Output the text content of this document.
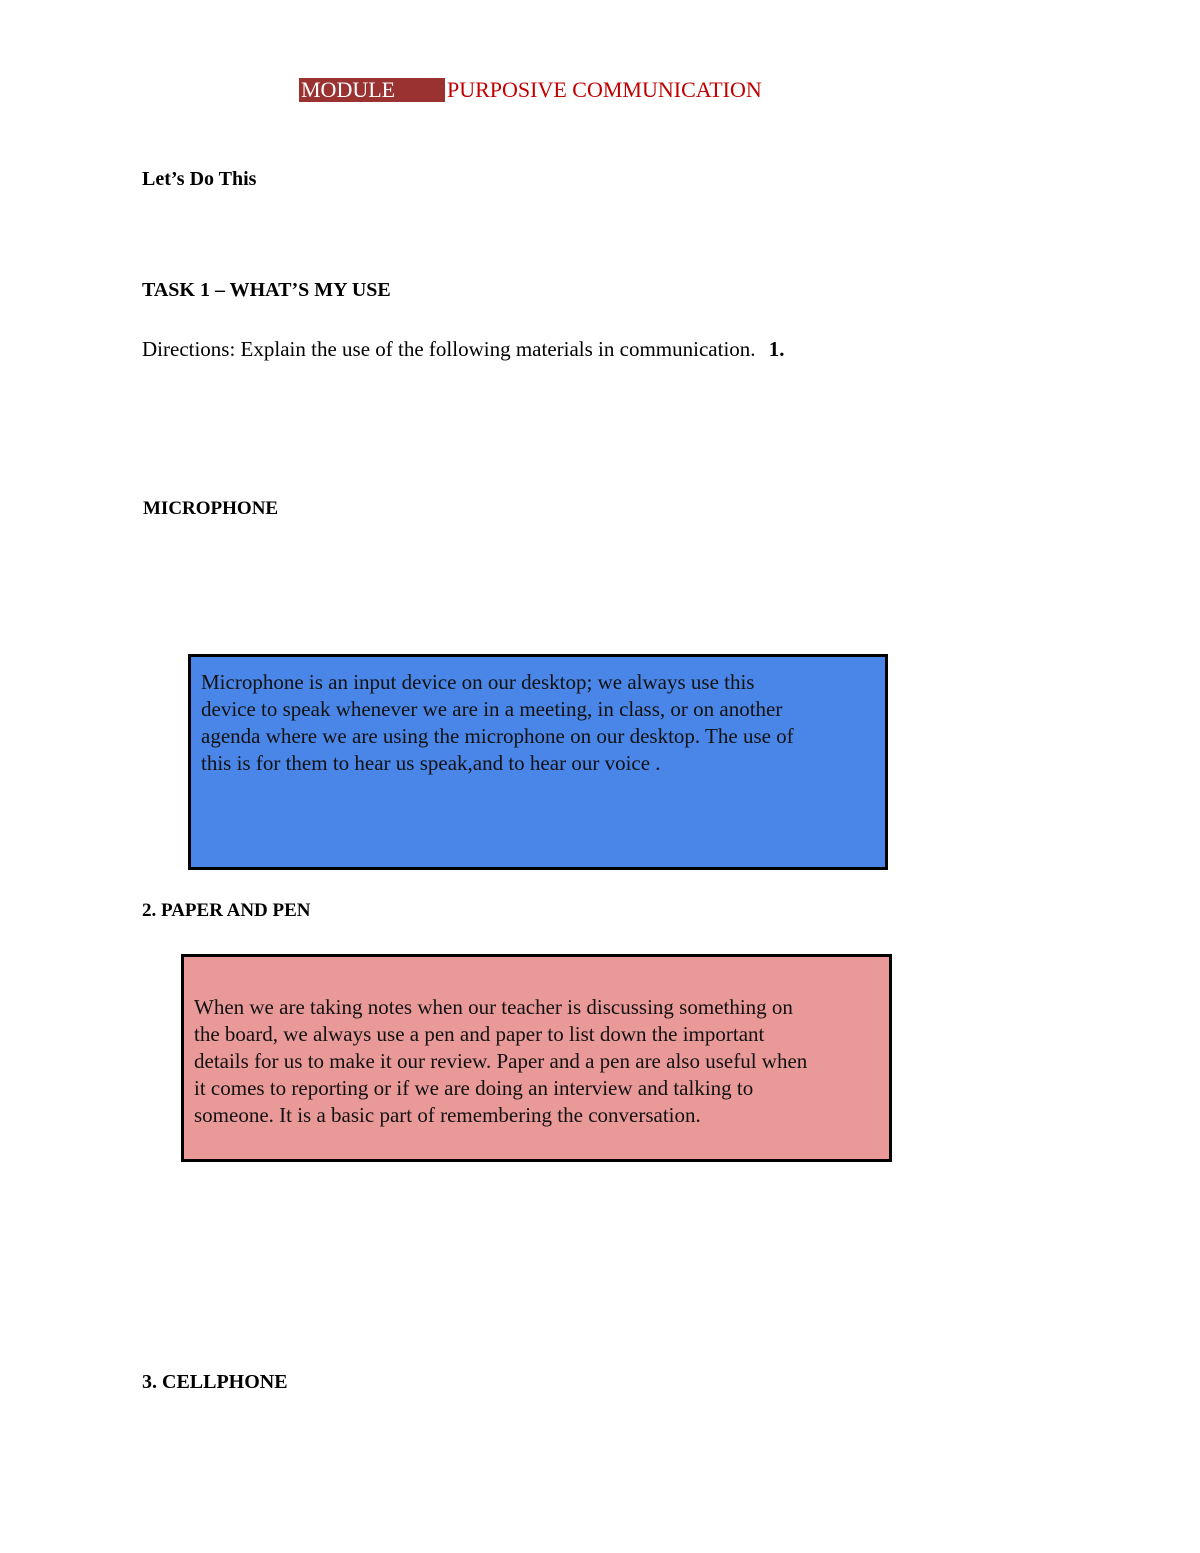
MODULE	PURPOSIVE COMMUNICATION
Let’s Do This
TASK 1 – WHAT’S MY USE
Directions: Explain the use of the following materials in communication. 1.
MICROPHONE
Microphone is an input device on our desktop; we always use this
device to speak whenever we are in a meeting, in class, or on another
agenda where we are using the microphone on our desktop. The use of
this is for them to hear us speak,and to hear our voice .
2. PAPER AND PEN
When we are taking notes when our teacher is discussing something on
the board, we always use a pen and paper to list down the important
details for us to make it our review. Paper and a pen are also useful when
it comes to reporting or if we are doing an interview and talking to
someone. It is a basic part of remembering the conversation.
3. CELLPHONE
